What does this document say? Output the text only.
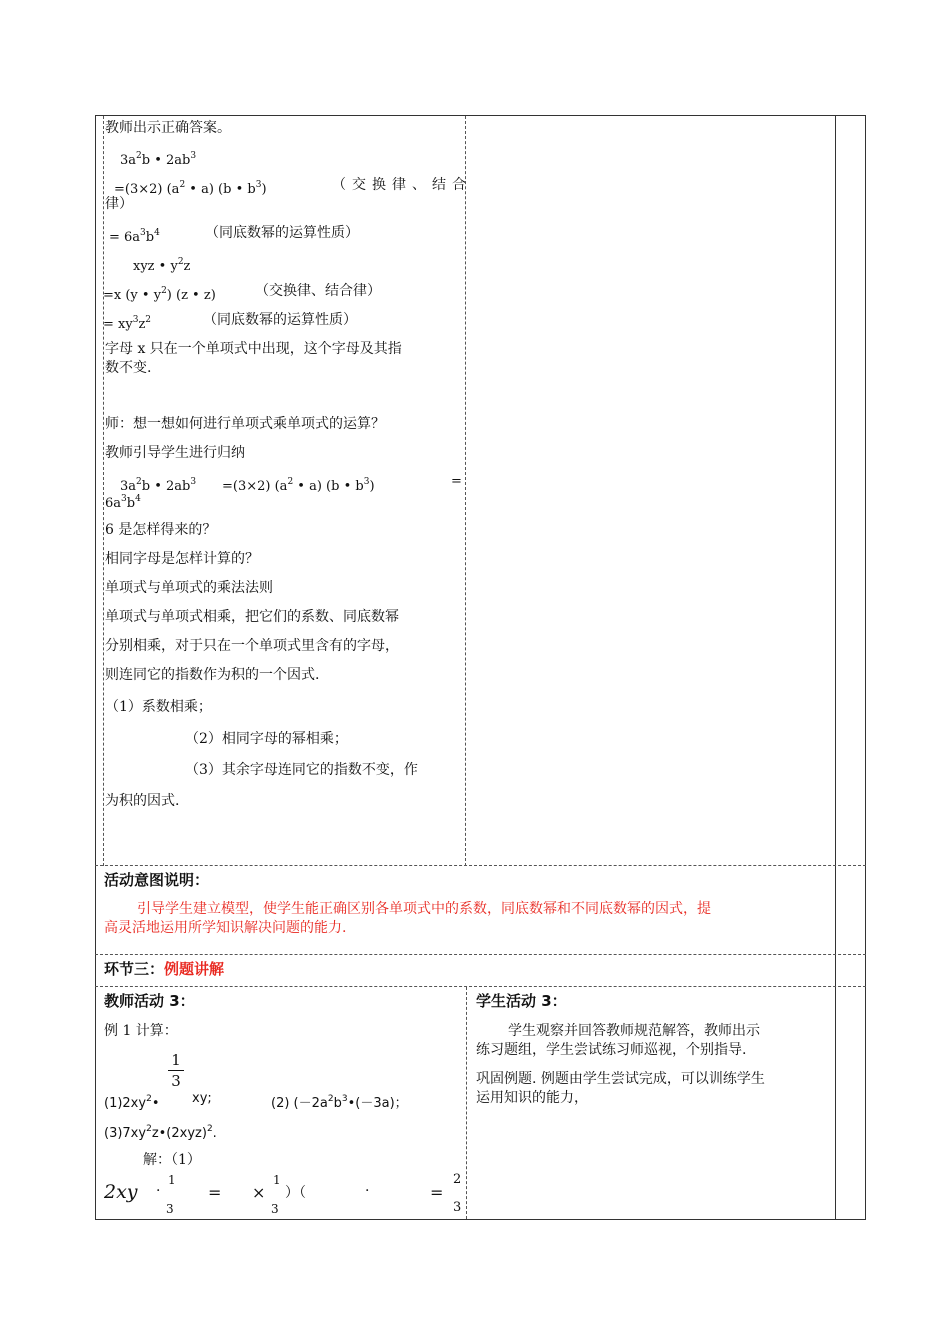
教师出示正确答案。
$3a^2b$ • $2ab^3$
=(3×2) ($a^2$ • a) (b • $b^3$)	（交换律、结合
律）
= $6a^3b^4$	（同底数幂的运算性质）
xyz • $y^2z$
=x (y • $y^2$) (z • z)	（交换律、结合律）
= $xy^3z^2$	（同底数幂的运算性质）
字母 x 只在一个单项式中出现，这个字母及其指
数不变.
师：想一想如何进行单项式乘单项式的运算？
教师引导学生进行归纳
$3a^2b$ • $2ab^3 =(3\times 2)$ ($a^2$ • a) (b • $b^3$)	=
$6a^3b^4$
6 是怎样得来的？
相同字母是怎样计算的？
单项式与单项式的乘法法则
单项式与单项式相乘，把它们的系数、同底数幂
分别相乘，对于只在一个单项式里含有的字母，
则连同它的指数作为积的一个因式.
（1）系数相乘；
（2）相同字母的幂相乘；
（3）其余字母连同它的指数不变，作
为积的因式.
活动意图说明：
引导学生建立模型，使学生能正确区别各单项式中的系数，同底数幂和不同底数幂的因式，提
高灵活地运用所学知识解决问题的能力.
环节三：例题讲解
教师活动 3：
例 1 计算：
1
3
$(1)2xy^2•$	xy;	(2) ($-2a^2b^3•(-3a)$；
$(3)7xy^2z•(2xyz)^2$.
解：（1）
2xy ·
1
3
= ×
1
3
）（	·	=
2
3
学生活动 3：
学生观察并回答教师规范解答，教师出示
练习题组，学生尝试练习师巡视，个别指导.
巩固例题. 例题由学生尝试完成，可以训练学生
运用知识的能力，
